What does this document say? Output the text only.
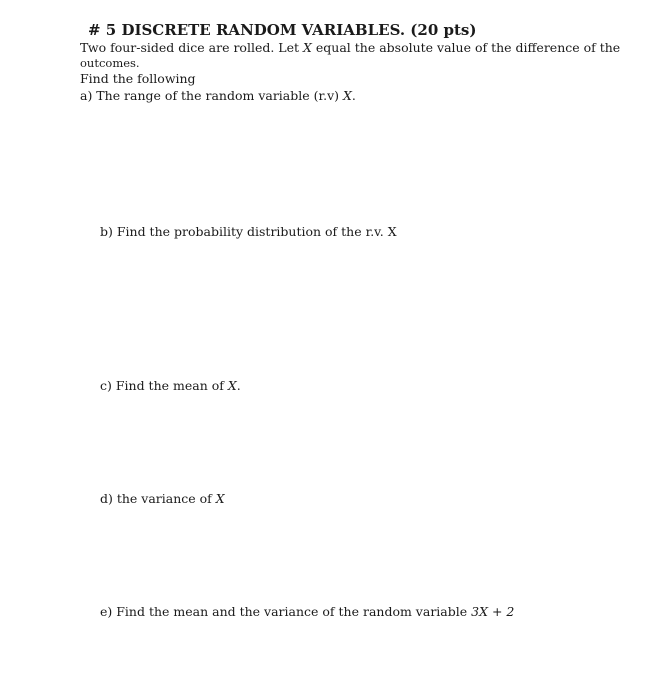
# 5 DISCRETE RANDOM VARIABLES. (20 pts)
Two four-sided dice are rolled. Let X equal the absolute value of the difference of the
outcomes.
Find the following
a) The range of the random variable (r.v) X.
b) Find the probability distribution of the r.v. X
c) Find the mean of X.
d) the variance of X
e) Find the mean and the variance of the random variable 3X + 2
